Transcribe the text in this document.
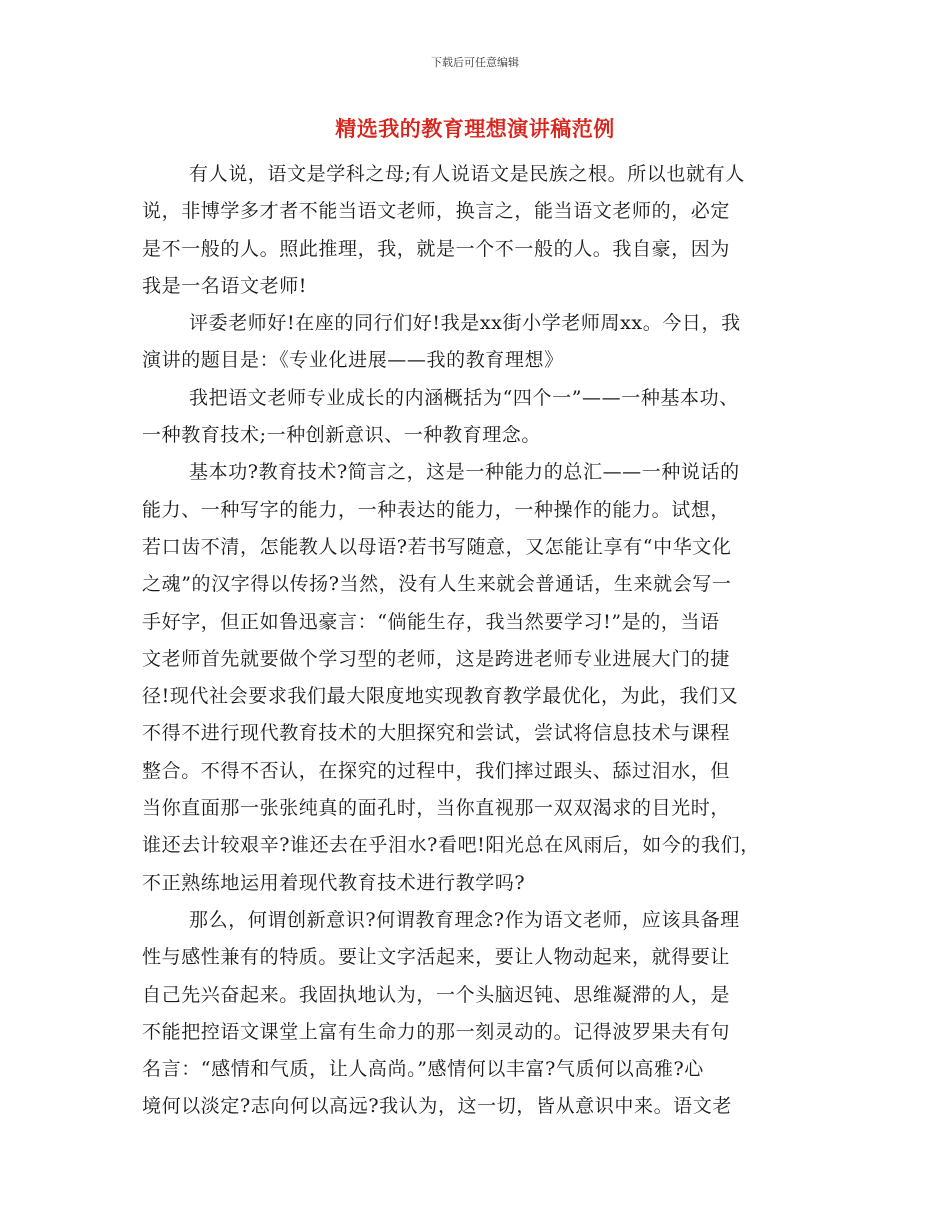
下载后可任意编辑
精选我的教育理想演讲稿范例
有人说，语文是学科之母;有人说语文是民族之根。所以也就有人
说，非博学多才者不能当语文老师，换言之，能当语文老师的，必定
是不一般的人。照此推理，我，就是一个不一般的人。我自豪，因为
我是一名语文老师!
评委老师好!在座的同行们好!我是xx街小学老师周xx。今日，我
演讲的题目是：《专业化进展——我的教育理想》
我把语文老师专业成长的内涵概括为“四个一”——一种基本功、
一种教育技术;一种创新意识、一种教育理念。
基本功?教育技术?简言之，这是一种能力的总汇——一种说话的
能力、一种写字的能力，一种表达的能力，一种操作的能力。试想，
若口齿不清，怎能教人以母语?若书写随意，又怎能让享有“中华文化
之魂”的汉字得以传扬?当然，没有人生来就会普通话，生来就会写一
手好字，但正如鲁迅豪言：“倘能生存，我当然要学习!”是的，当语
文老师首先就要做个学习型的老师，这是跨进老师专业进展大门的捷
径!现代社会要求我们最大限度地实现教育教学最优化，为此，我们又
不得不进行现代教育技术的大胆探究和尝试，尝试将信息技术与课程
整合。不得不否认，在探究的过程中，我们摔过跟头、舔过泪水，但
当你直面那一张张纯真的面孔时，当你直视那一双双渴求的目光时，
谁还去计较艰辛?谁还去在乎泪水?看吧!阳光总在风雨后，如今的我们，
不正熟练地运用着现代教育技术进行教学吗?
那么，何谓创新意识?何谓教育理念?作为语文老师，应该具备理
性与感性兼有的特质。要让文字活起来，要让人物动起来，就得要让
自己先兴奋起来。我固执地认为，一个头脑迟钝、思维凝滞的人，是
不能把控语文课堂上富有生命力的那一刻灵动的。记得波罗果夫有句
名言：“感情和气质，让人高尚。”感情何以丰富?气质何以高雅?心
境何以淡定?志向何以高远?我认为，这一切，皆从意识中来。语文老
